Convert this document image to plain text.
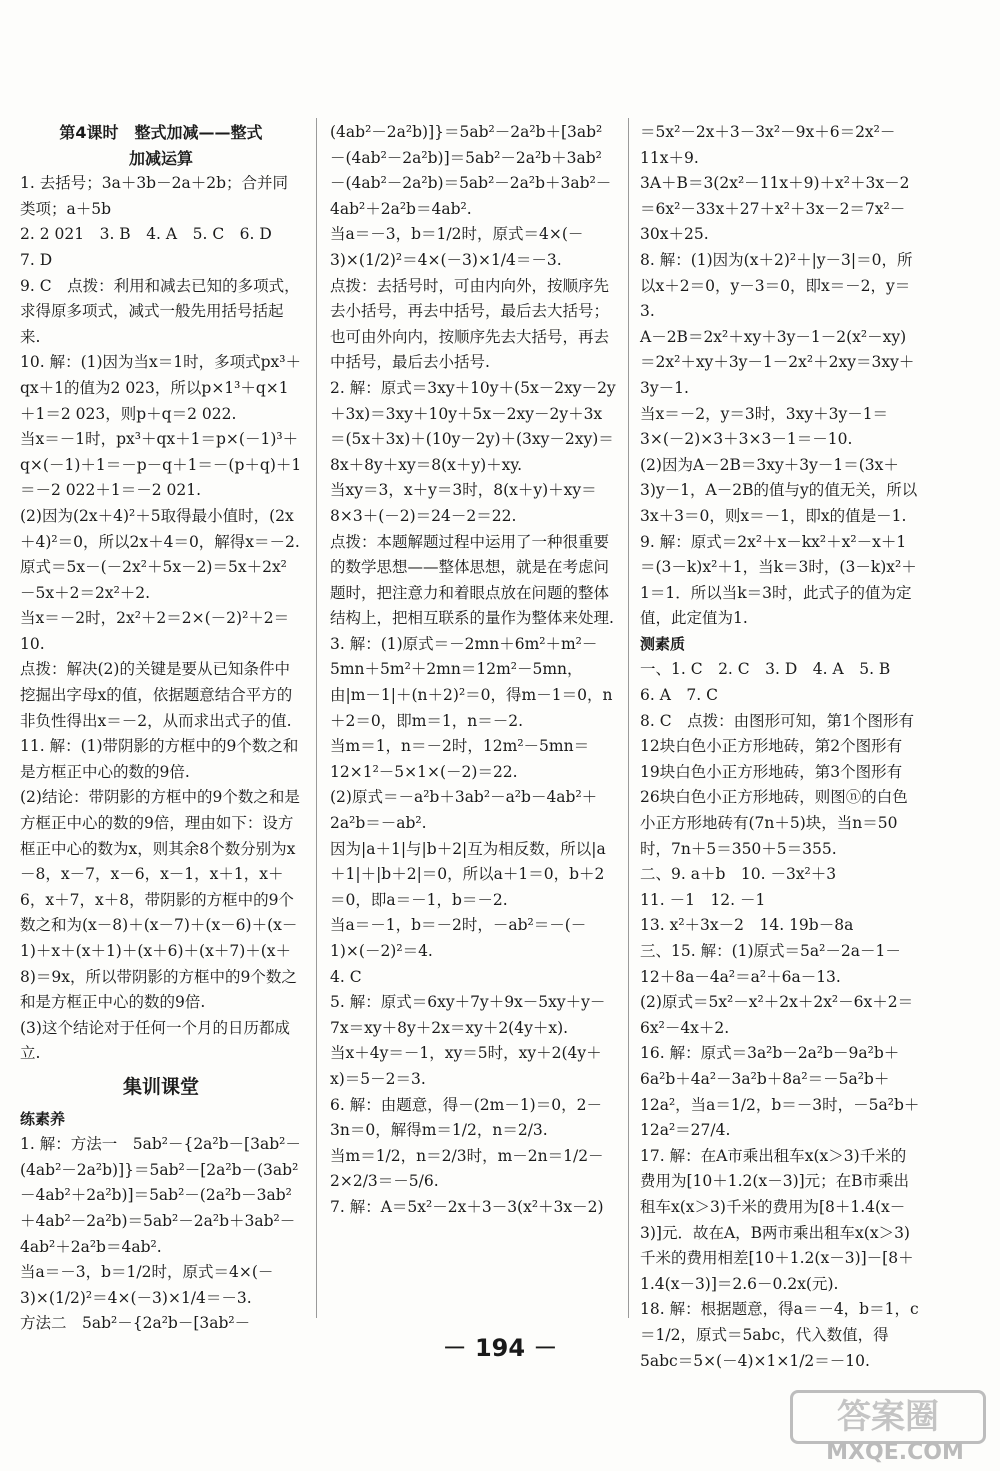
第4课时　整式加减——整式

加减运算

1. 去括号；3a＋3b－2a＋2b；合并同类项；a＋5b

2. 2 021　3. B　4. A　5. C　6. D　7. D

9. C　点拨：利用和减去已知的多项式，求得原多项式，减式一般先用括号括起来.

10. 解：(1)因为当x＝1时，多项式px³＋qx＋1的值为2 023，所以p×1³＋q×1＋1＝2 023，则p＋q＝2 022.

当x＝－1时，px³＋qx＋1＝p×(－1)³＋q×(－1)＋1＝－p－q＋1＝－(p＋q)＋1＝－2 022＋1＝－2 021.

(2)因为(2x＋4)²＋5取得最小值时，(2x＋4)²＝0，所以2x＋4＝0，解得x＝－2.

原式＝5x－(－2x²＋5x－2)＝5x＋2x²－5x＋2＝2x²＋2.

当x＝－2时，2x²＋2＝2×(－2)²＋2＝10.

点拨：解决(2)的关键是要从已知条件中挖掘出字母x的值，依据题意结合平方的非负性得出x＝－2，从而求出式子的值.

11. 解：(1)带阴影的方框中的9个数之和是方框正中心的数的9倍.

(2)结论：带阴影的方框中的9个数之和是方框正中心的数的9倍，理由如下：设方框正中心的数为x，则其余8个数分别为x－8，x－7，x－6，x－1，x＋1，x＋6，x＋7，x＋8，带阴影的方框中的9个数之和为(x－8)＋(x－7)＋(x－6)＋(x－1)＋x＋(x＋1)＋(x＋6)＋(x＋7)＋(x＋8)＝9x，所以带阴影的方框中的9个数之和是方框正中心的数的9倍.

(3)这个结论对于任何一个月的日历都成立.

集训课堂

练素养

1. 解：方法一　5ab²－{2a²b－[3ab²－(4ab²－2a²b)]}＝5ab²－[2a²b－(3ab²－4ab²＋2a²b)]＝5ab²－(2a²b－3ab²＋4ab²－2a²b)＝5ab²－2a²b＋3ab²－4ab²＋2a²b＝4ab².

当a＝－3，b＝1/2时，原式＝4×(－3)×(1/2)²＝4×(－3)×1/4＝－3.

方法二　5ab²－{2a²b－[3ab²－

(4ab²－2a²b)]}＝5ab²－2a²b＋[3ab²－(4ab²－2a²b)]＝5ab²－2a²b＋3ab²－(4ab²－2a²b)＝5ab²－2a²b＋3ab²－4ab²＋2a²b＝4ab².

当a＝－3，b＝1/2时，原式＝4×(－3)×(1/2)²＝4×(－3)×1/4＝－3.

点拨：去括号时，可由内向外，按顺序先去小括号，再去中括号，最后去大括号；也可由外向内，按顺序先去大括号，再去中括号，最后去小括号.

2. 解：原式＝3xy＋10y＋(5x－2xy－2y＋3x)＝3xy＋10y＋5x－2xy－2y＋3x＝(5x＋3x)＋(10y－2y)＋(3xy－2xy)＝8x＋8y＋xy＝8(x＋y)＋xy.

当xy＝3，x＋y＝3时，8(x＋y)＋xy＝8×3＋(－2)＝24－2＝22.

点拨：本题解题过程中运用了一种很重要的数学思想——整体思想，就是在考虑问题时，把注意力和着眼点放在问题的整体结构上，把相互联系的量作为整体来处理.

3. 解：(1)原式＝－2mn＋6m²＋m²－5mn＋5m²＋2mn＝12m²－5mn，由|m－1|＋(n＋2)²＝0，得m－1＝0，n＋2＝0，即m＝1，n＝－2.

当m＝1，n＝－2时，12m²－5mn＝12×1²－5×1×(－2)＝22.

(2)原式＝－a²b＋3ab²－a²b－4ab²＋2a²b＝－ab².

因为|a＋1|与|b＋2|互为相反数，所以|a＋1|＋|b＋2|＝0，所以a＋1＝0，b＋2＝0，即a＝－1，b＝－2.

当a＝－1，b＝－2时，－ab²＝－(－1)×(－2)²＝4.

4. C

5. 解：原式＝6xy＋7y＋9x－5xy＋y－7x＝xy＋8y＋2x＝xy＋2(4y＋x).

当x＋4y＝－1，xy＝5时，xy＋2(4y＋x)＝5－2＝3.

6. 解：由题意，得－(2m－1)＝0，2－3n＝0，解得m＝1/2，n＝2/3.

当m＝1/2，n＝2/3时，m－2n＝1/2－2×2/3＝－5/6.

7. 解：A＝5x²－2x＋3－3(x²＋3x－2)

＝5x²－2x＋3－3x²－9x＋6＝2x²－11x＋9.

3A＋B＝3(2x²－11x＋9)＋x²＋3x－2＝6x²－33x＋27＋x²＋3x－2＝7x²－30x＋25.

8. 解：(1)因为(x＋2)²＋|y－3|＝0，所以x＋2＝0，y－3＝0，即x＝－2，y＝3.

A－2B＝2x²＋xy＋3y－1－2(x²－xy)＝2x²＋xy＋3y－1－2x²＋2xy＝3xy＋3y－1.

当x＝－2，y＝3时，3xy＋3y－1＝3×(－2)×3＋3×3－1＝－10.

(2)因为A－2B＝3xy＋3y－1＝(3x＋3)y－1，A－2B的值与y的值无关，所以3x＋3＝0，则x＝－1，即x的值是－1.

9. 解：原式＝2x²＋x－kx²＋x²－x＋1＝(3－k)x²＋1，当k＝3时，(3－k)x²＋1＝1．所以当k＝3时，此式子的值为定值，此定值为1.

测素质

一、1. C　2. C　3. D　4. A　5. B　6. A　7. C

8. C　点拨：由图形可知，第1个图形有12块白色小正方形地砖，第2个图形有19块白色小正方形地砖，第3个图形有26块白色小正方形地砖，则图ⓝ的白色小正方形地砖有(7n＋5)块，当n＝50时，7n＋5＝350＋5＝355.

二、9. a＋b　10. －3x²＋3

11. －1　12. －1

13. x²＋3x－2　14. 19b－8a

三、15. 解：(1)原式＝5a²－2a－1－12＋8a－4a²＝a²＋6a－13.

(2)原式＝5x²－x²＋2x＋2x²－6x＋2＝6x²－4x＋2.

16. 解：原式＝3a²b－2a²b－9a²b＋6a²b＋4a²－3a²b＋8a²＝－5a²b＋12a²，当a＝1/2，b＝－3时，－5a²b＋12a²＝27/4.

17. 解：在A市乘出租车x(x＞3)千米的费用为[10＋1.2(x－3)]元；在B市乘出租车x(x＞3)千米的费用为[8＋1.4(x－3)]元．故在A，B两市乘出租车x(x＞3)千米的费用相差[10＋1.2(x－3)]－[8＋1.4(x－3)]＝2.6－0.2x(元).

18. 解：根据题意，得a＝－4，b＝1，c＝1/2，原式＝5abc，代入数值，得5abc＝5×(－4)×1×1/2＝－10.

－ 194 －
答案圈
MXQE.COM
